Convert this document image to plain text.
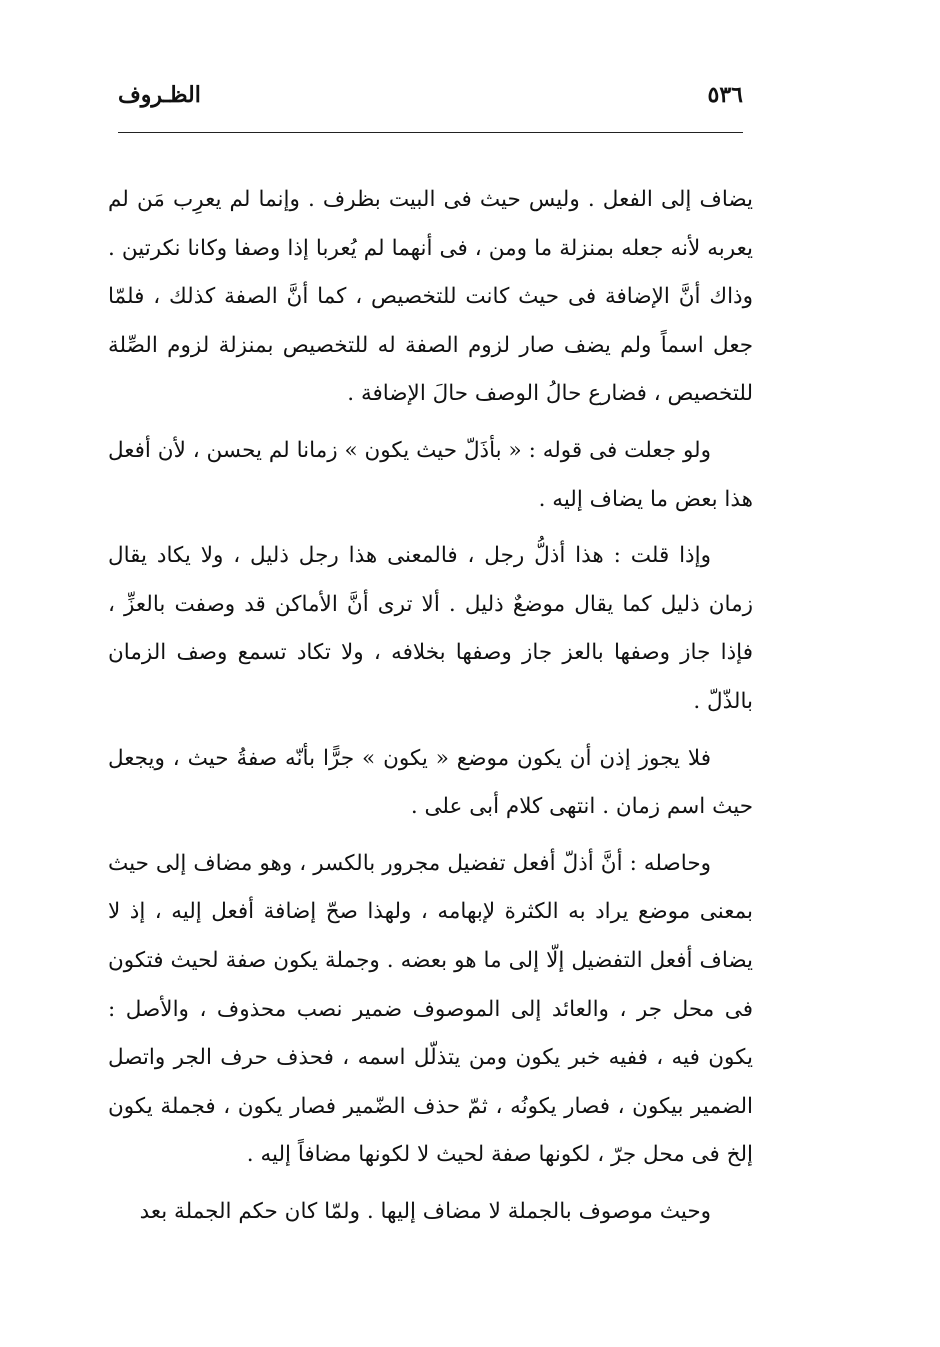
٥٣٦
الظـروف

يضاف إلى الفعل . وليس حيث فى البيت بظرف . وإنما لم يعرِب مَن لم يعربه لأنه جعله بمنزلة ما ومن ، فى أنهما لم يُعربا إذا وصفا وكانا نكرتين . وذاك أنَّ الإضافة فى حيث كانت للتخصيص ، كما أنَّ الصفة كذلك ، فلمّا جعل اسماً ولم يضف صار لزوم الصفة له للتخصيص بمنزلة لزوم الصِّلة للتخصيص ، فضارع حالُ الوصف حالَ الإضافة .

ولو جعلت فى قوله : « بأذَلّ حيث يكون » زمانا لم يحسن ، لأن أفعل هذا بعض ما يضاف إليه .

وإذا قلت : هذا أذلُّ رجل ، فالمعنى هذا رجل ذليل ، ولا يكاد يقال زمان ذليل كما يقال موضعٌ ذليل . ألا ترى أنَّ الأماكن قد وصفت بالعزِّ ، فإذا جاز وصفها بالعز جاز وصفها بخلافه ، ولا تكاد تسمع وصف الزمان بالذّلّ .

فلا يجوز إذن أن يكون موضع « يكون » جرًّا بأنّه صفةُ حيث ، ويجعل حيث اسم زمان . انتهى كلام أبى على .

وحاصله : أنَّ أذلّ أفعل تفضيل مجرور بالكسر ، وهو مضاف إلى حيث بمعنى موضع يراد به الكثرة لإبهامه ، ولهذا صحّ إضافة أفعل إليه ، إذ لا يضاف أفعل التفضيل إلّا إلى ما هو بعضه . وجملة يكون صفة لحيث فتكون فى محل جر ، والعائد إلى الموصوف ضمير نصب محذوف ، والأصل : يكون فيه ، ففيه خبر يكون ومن يتذلّل اسمه ، فحذف حرف الجر واتصل الضمير بيكون ، فصار يكونُه ، ثمّ حذف الضّمير فصار يكون ، فجملة يكون إلخ فى محل جرّ ، لكونها صفة لحيث لا لكونها مضافاً إليه .

وحيث موصوف بالجملة لا مضاف إليها . ولمّا كان حكم الجملة بعد
